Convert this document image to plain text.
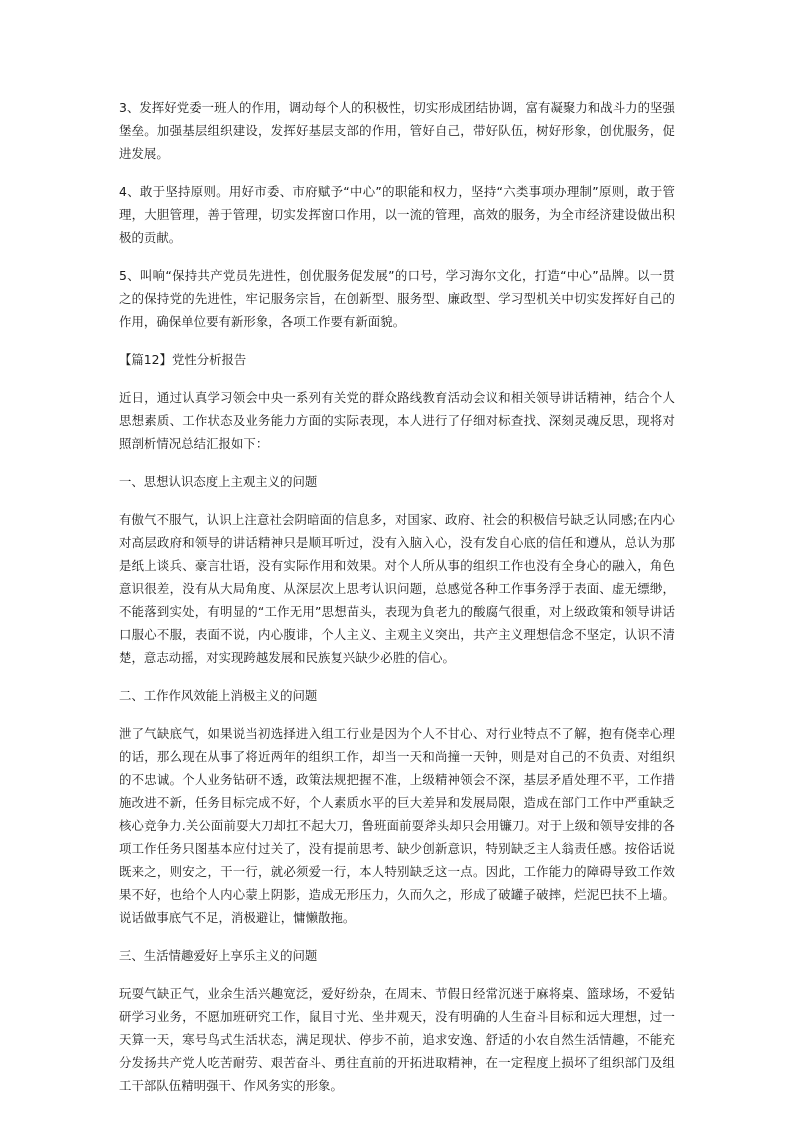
3、发挥好党委一班人的作用，调动每个人的积极性，切实形成团结协调，富有凝聚力和战斗力的坚强堡垒。加强基层组织建设，发挥好基层支部的作用，管好自己，带好队伍，树好形象，创优服务，促进发展。

4、敢于坚持原则。用好市委、市府赋予“中心”的职能和权力，坚持“六类事项办理制”原则，敢于管理，大胆管理，善于管理，切实发挥窗口作用，以一流的管理，高效的服务，为全市经济建设做出积极的贡献。

5、叫响“保持共产党员先进性，创优服务促发展”的口号，学习海尔文化，打造“中心”品牌。以一贯之的保持党的先进性，牢记服务宗旨，在创新型、服务型、廉政型、学习型机关中切实发挥好自己的作用，确保单位要有新形象，各项工作要有新面貌。

【篇12】党性分析报告

近日，通过认真学习领会中央一系列有关党的群众路线教育活动会议和相关领导讲话精神，结合个人思想素质、工作状态及业务能力方面的实际表现，本人进行了仔细对标查找、深刻灵魂反思，现将对照剖析情况总结汇报如下：

一、思想认识态度上主观主义的问题

有傲气不服气，认识上注意社会阴暗面的信息多，对国家、政府、社会的积极信号缺乏认同感;在内心对高层政府和领导的讲话精神只是顺耳听过，没有入脑入心，没有发自心底的信任和遵从，总认为那是纸上谈兵、豪言壮语，没有实际作用和效果。对个人所从事的组织工作也没有全身心的融入，角色意识很差，没有从大局角度、从深层次上思考认识问题，总感觉各种工作事务浮于表面、虚无缥缈，不能落到实处，有明显的“工作无用”思想苗头，表现为負老九的酸腐气很重，对上级政策和领导讲话口服心不服，表面不说，内心腹诽，个人主义、主观主义突出，共产主义理想信念不坚定，认识不清楚，意志动摇，对实现跨越发展和民族复兴缺少必胜的信心。

二、工作作风效能上消极主义的问题

泄了气缺底气，如果说当初选择进入组工行业是因为个人不甘心、对行业特点不了解，抱有侥幸心理的话，那么现在从事了将近两年的组织工作，却当一天和尚撞一天钟，则是对自己的不负责、对组织的不忠诚。个人业务钻研不透，政策法规把握不准，上级精神领会不深，基层矛盾处理不平，工作措施改进不新，任务目标完成不好，个人素质水平的巨大差异和发展局限，造成在部门工作中严重缺乏核心竞争力.关公面前耍大刀却扛不起大刀，鲁班面前耍斧头却只会用镰刀。对于上级和领导安排的各项工作任务只图基本应付过关了，没有提前思考、缺少创新意识，特别缺乏主人翁责任感。按俗话说既来之，则安之，干一行，就必须爱一行，本人特别缺乏这一点。因此，工作能力的障碍导致工作效果不好，也给个人内心蒙上阴影，造成无形压力，久而久之，形成了破罐子破摔，烂泥巴扶不上墙。说话做事底气不足，消极避让，慵懒散拖。

三、生活情趣爱好上享乐主义的问题

玩耍气缺正气，业余生活兴趣宽泛，爱好纷杂，在周末、节假日经常沉迷于麻将桌、篮球场，不爱钻研学习业务，不愿加班研究工作，鼠目寸光、坐井观天，没有明确的人生奋斗目标和远大理想，过一天算一天，寒号鸟式生活状态，满足现状、停步不前，追求安逸、舒适的小农自然生活情趣，不能充分发扬共产党人吃苦耐劳、艰苦奋斗、勇往直前的开拓进取精神，在一定程度上损坏了组织部门及组工干部队伍精明强干、作风务实的形象。
